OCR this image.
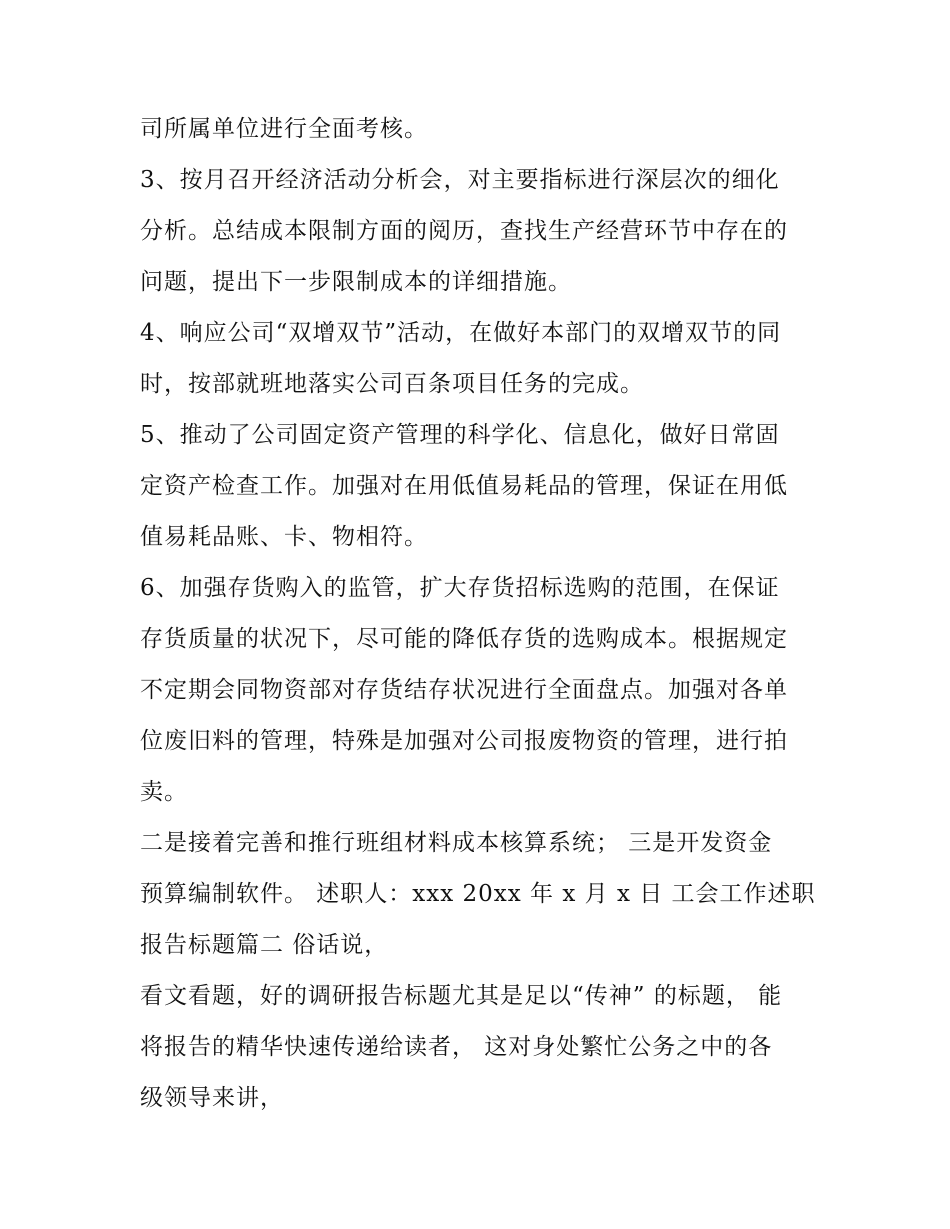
司所属单位进行全面考核。
3、按月召开经济活动分析会，对主要指标进行深层次的细化
分析。总结成本限制方面的阅历，查找生产经营环节中存在的
问题，提出下一步限制成本的详细措施。
4、响应公司“双增双节”活动，在做好本部门的双增双节的同
时，按部就班地落实公司百条项目任务的完成。
5、推动了公司固定资产管理的科学化、信息化，做好日常固
定资产检查工作。加强对在用低值易耗品的管理，保证在用低
值易耗品账、卡、物相符。
6、加强存货购入的监管，扩大存货招标选购的范围，在保证
存货质量的状况下，尽可能的降低存货的选购成本。根据规定
不定期会同物资部对存货结存状况进行全面盘点。加强对各单
位废旧料的管理，特殊是加强对公司报废物资的管理，进行拍
卖。
二是接着完善和推行班组材料成本核算系统； 三是开发资金
预算编制软件。 述职人：xxx 20xx 年 x 月 x 日 工会工作述职
报告标题篇二 俗话说，
看文看题，好的调研报告标题尤其是足以“传神” 的标题， 能
将报告的精华快速传递给读者， 这对身处繁忙公务之中的各
级领导来讲，
